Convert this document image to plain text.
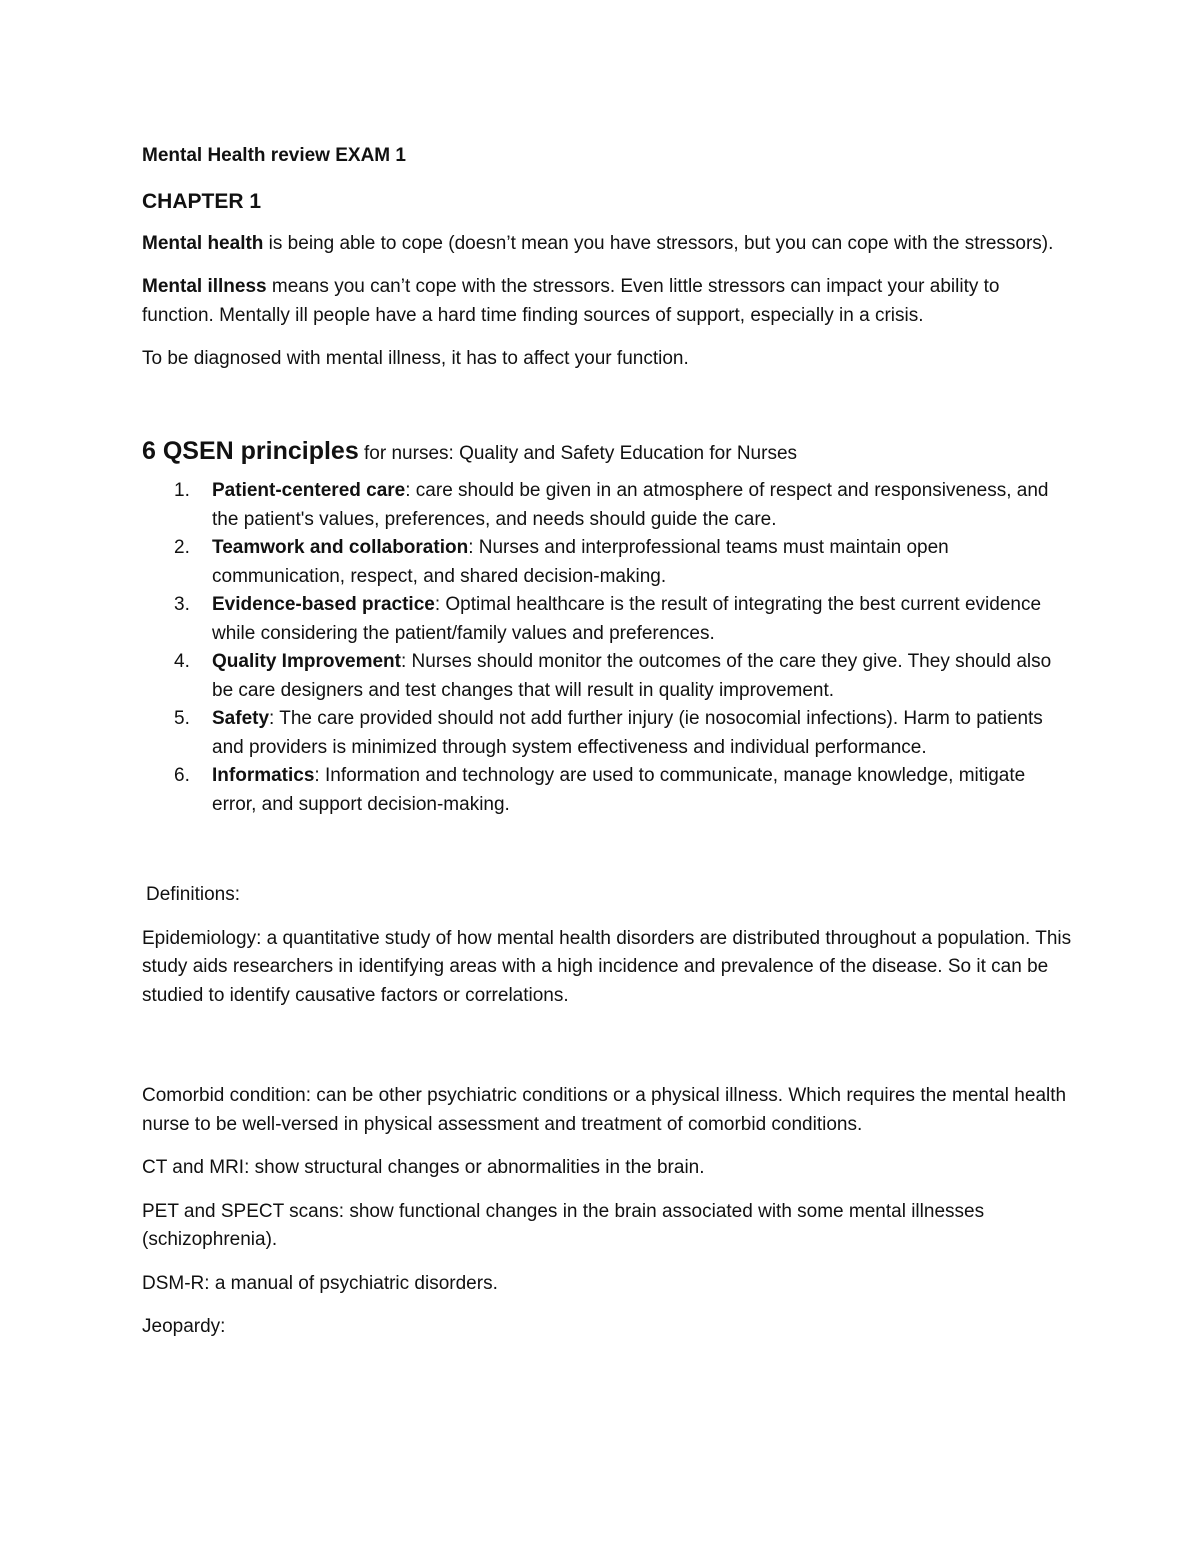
Mental Health review EXAM 1

CHAPTER 1

Mental health is being able to cope (doesn’t mean you have stressors, but you can cope with the stressors).

Mental illness means you can’t cope with the stressors. Even little stressors can impact your ability to function. Mentally ill people have a hard time finding sources of support, especially in a crisis.

To be diagnosed with mental illness, it has to affect your function.

6 QSEN principles for nurses: Quality and Safety Education for Nurses

1. Patient-centered care: care should be given in an atmosphere of respect and responsiveness, and the patient's values, preferences, and needs should guide the care.
2. Teamwork and collaboration: Nurses and interprofessional teams must maintain open communication, respect, and shared decision-making.
3. Evidence-based practice: Optimal healthcare is the result of integrating the best current evidence while considering the patient/family values and preferences.
4. Quality Improvement: Nurses should monitor the outcomes of the care they give. They should also be care designers and test changes that will result in quality improvement.
5. Safety: The care provided should not add further injury (ie nosocomial infections). Harm to patients and providers is minimized through system effectiveness and individual performance.
6. Informatics: Information and technology are used to communicate, manage knowledge, mitigate error, and support decision-making.

Definitions:

Epidemiology: a quantitative study of how mental health disorders are distributed throughout a population. This study aids researchers in identifying areas with a high incidence and prevalence of the disease. So it can be studied to identify causative factors or correlations.

Comorbid condition: can be other psychiatric conditions or a physical illness. Which requires the mental health nurse to be well-versed in physical assessment and treatment of comorbid conditions.

CT and MRI: show structural changes or abnormalities in the brain.

PET and SPECT scans: show functional changes in the brain associated with some mental illnesses (schizophrenia).

DSM-R: a manual of psychiatric disorders.

Jeopardy:
